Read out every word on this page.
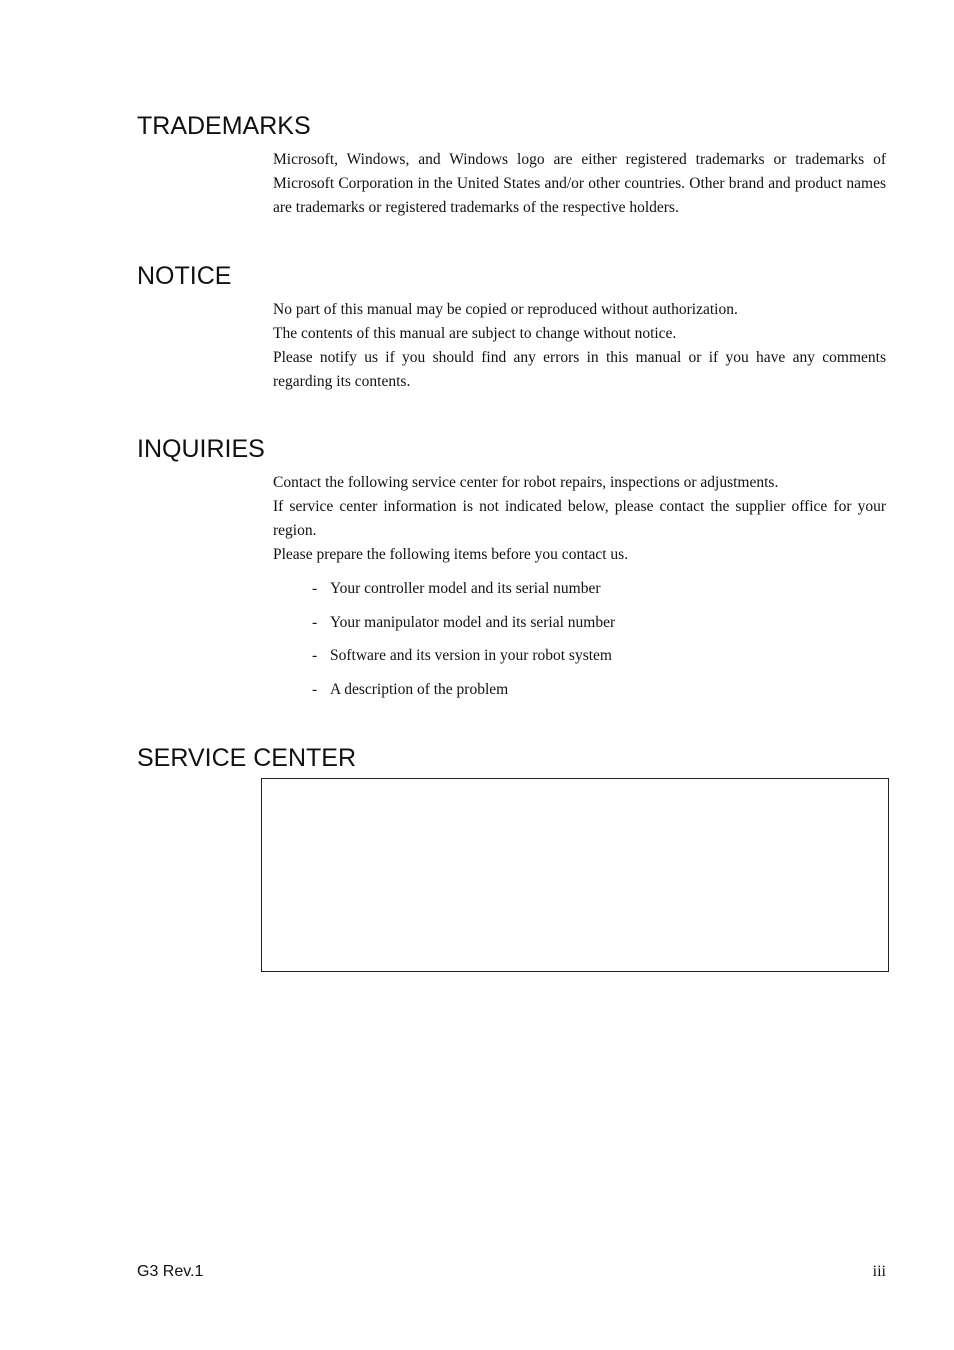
TRADEMARKS

Microsoft, Windows, and Windows logo are either registered trademarks or trademarks of Microsoft Corporation in the United States and/or other countries. Other brand and product names are trademarks or registered trademarks of the respective holders.

NOTICE

No part of this manual may be copied or reproduced without authorization.

The contents of this manual are subject to change without notice.

Please notify us if you should find any errors in this manual or if you have any comments regarding its contents.

INQUIRIES

Contact the following service center for robot repairs, inspections or adjustments.

If service center information is not indicated below, please contact the supplier office for your region.

Please prepare the following items before you contact us.

- Your controller model and its serial number
- Your manipulator model and its serial number
- Software and its version in your robot system
- A description of the problem
SERVICE CENTER
G3 Rev.1	iii
